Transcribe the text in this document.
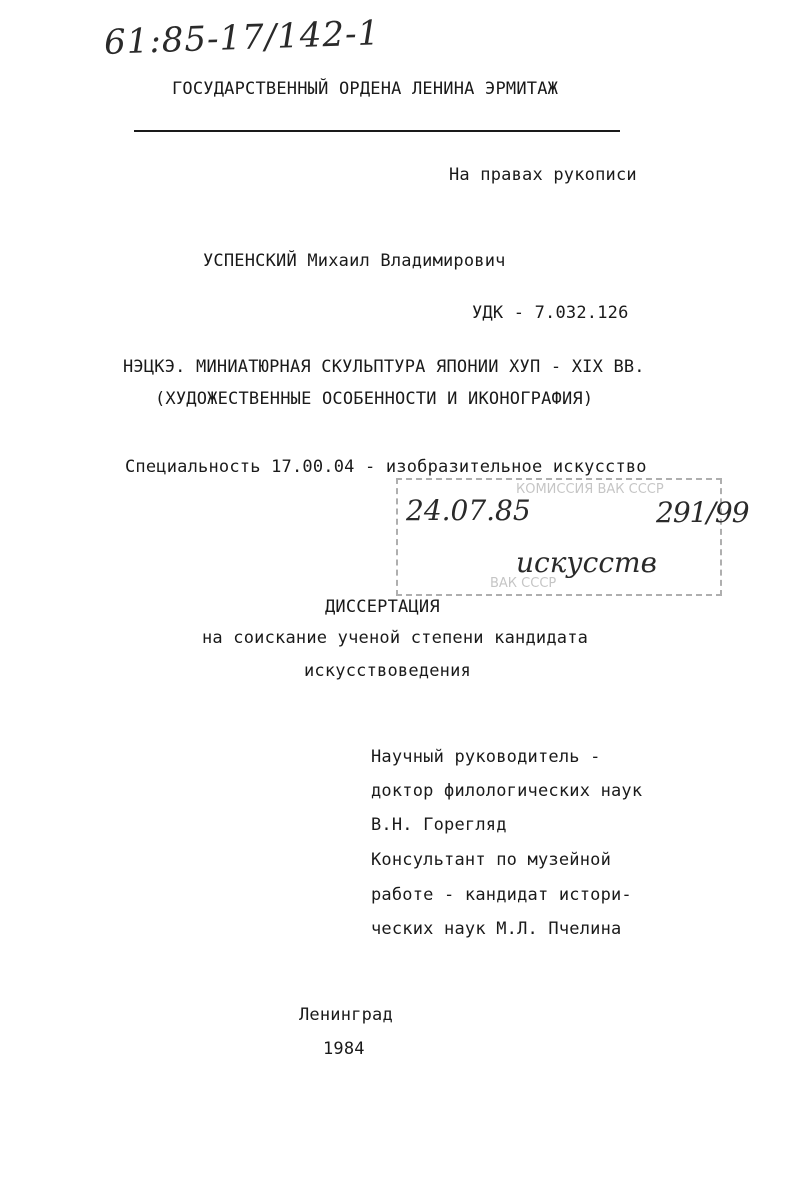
61:85-17/142-1
ГОСУДАРСТВЕННЫЙ ОРДЕНА ЛЕНИНА ЭРМИТАЖ
На правах рукописи
УСПЕНСКИЙ Михаил Владимирович
УДК - 7.032.126
НЭЦКЭ. МИНИАТЮРНАЯ СКУЛЬПТУРА ЯПОНИИ ХУП - XIX ВВ.
(ХУДОЖЕСТВЕННЫЕ ОСОБЕННОСТИ И ИКОНОГРАФИЯ)
Специальность 17.00.04 - изобразительное искусство
КОМИССИЯ ВАК СССР
24.07.85	291/99
искусств
ВАК СССР
ДИССЕРТАЦИЯ
на соискание ученой степени кандидата
искусствоведения
Научный руководитель -
доктор филологических наук
В.Н. Горегляд
Консультант по музейной
работе - кандидат истори-
ческих наук М.Л. Пчелина
Ленинград
1984
